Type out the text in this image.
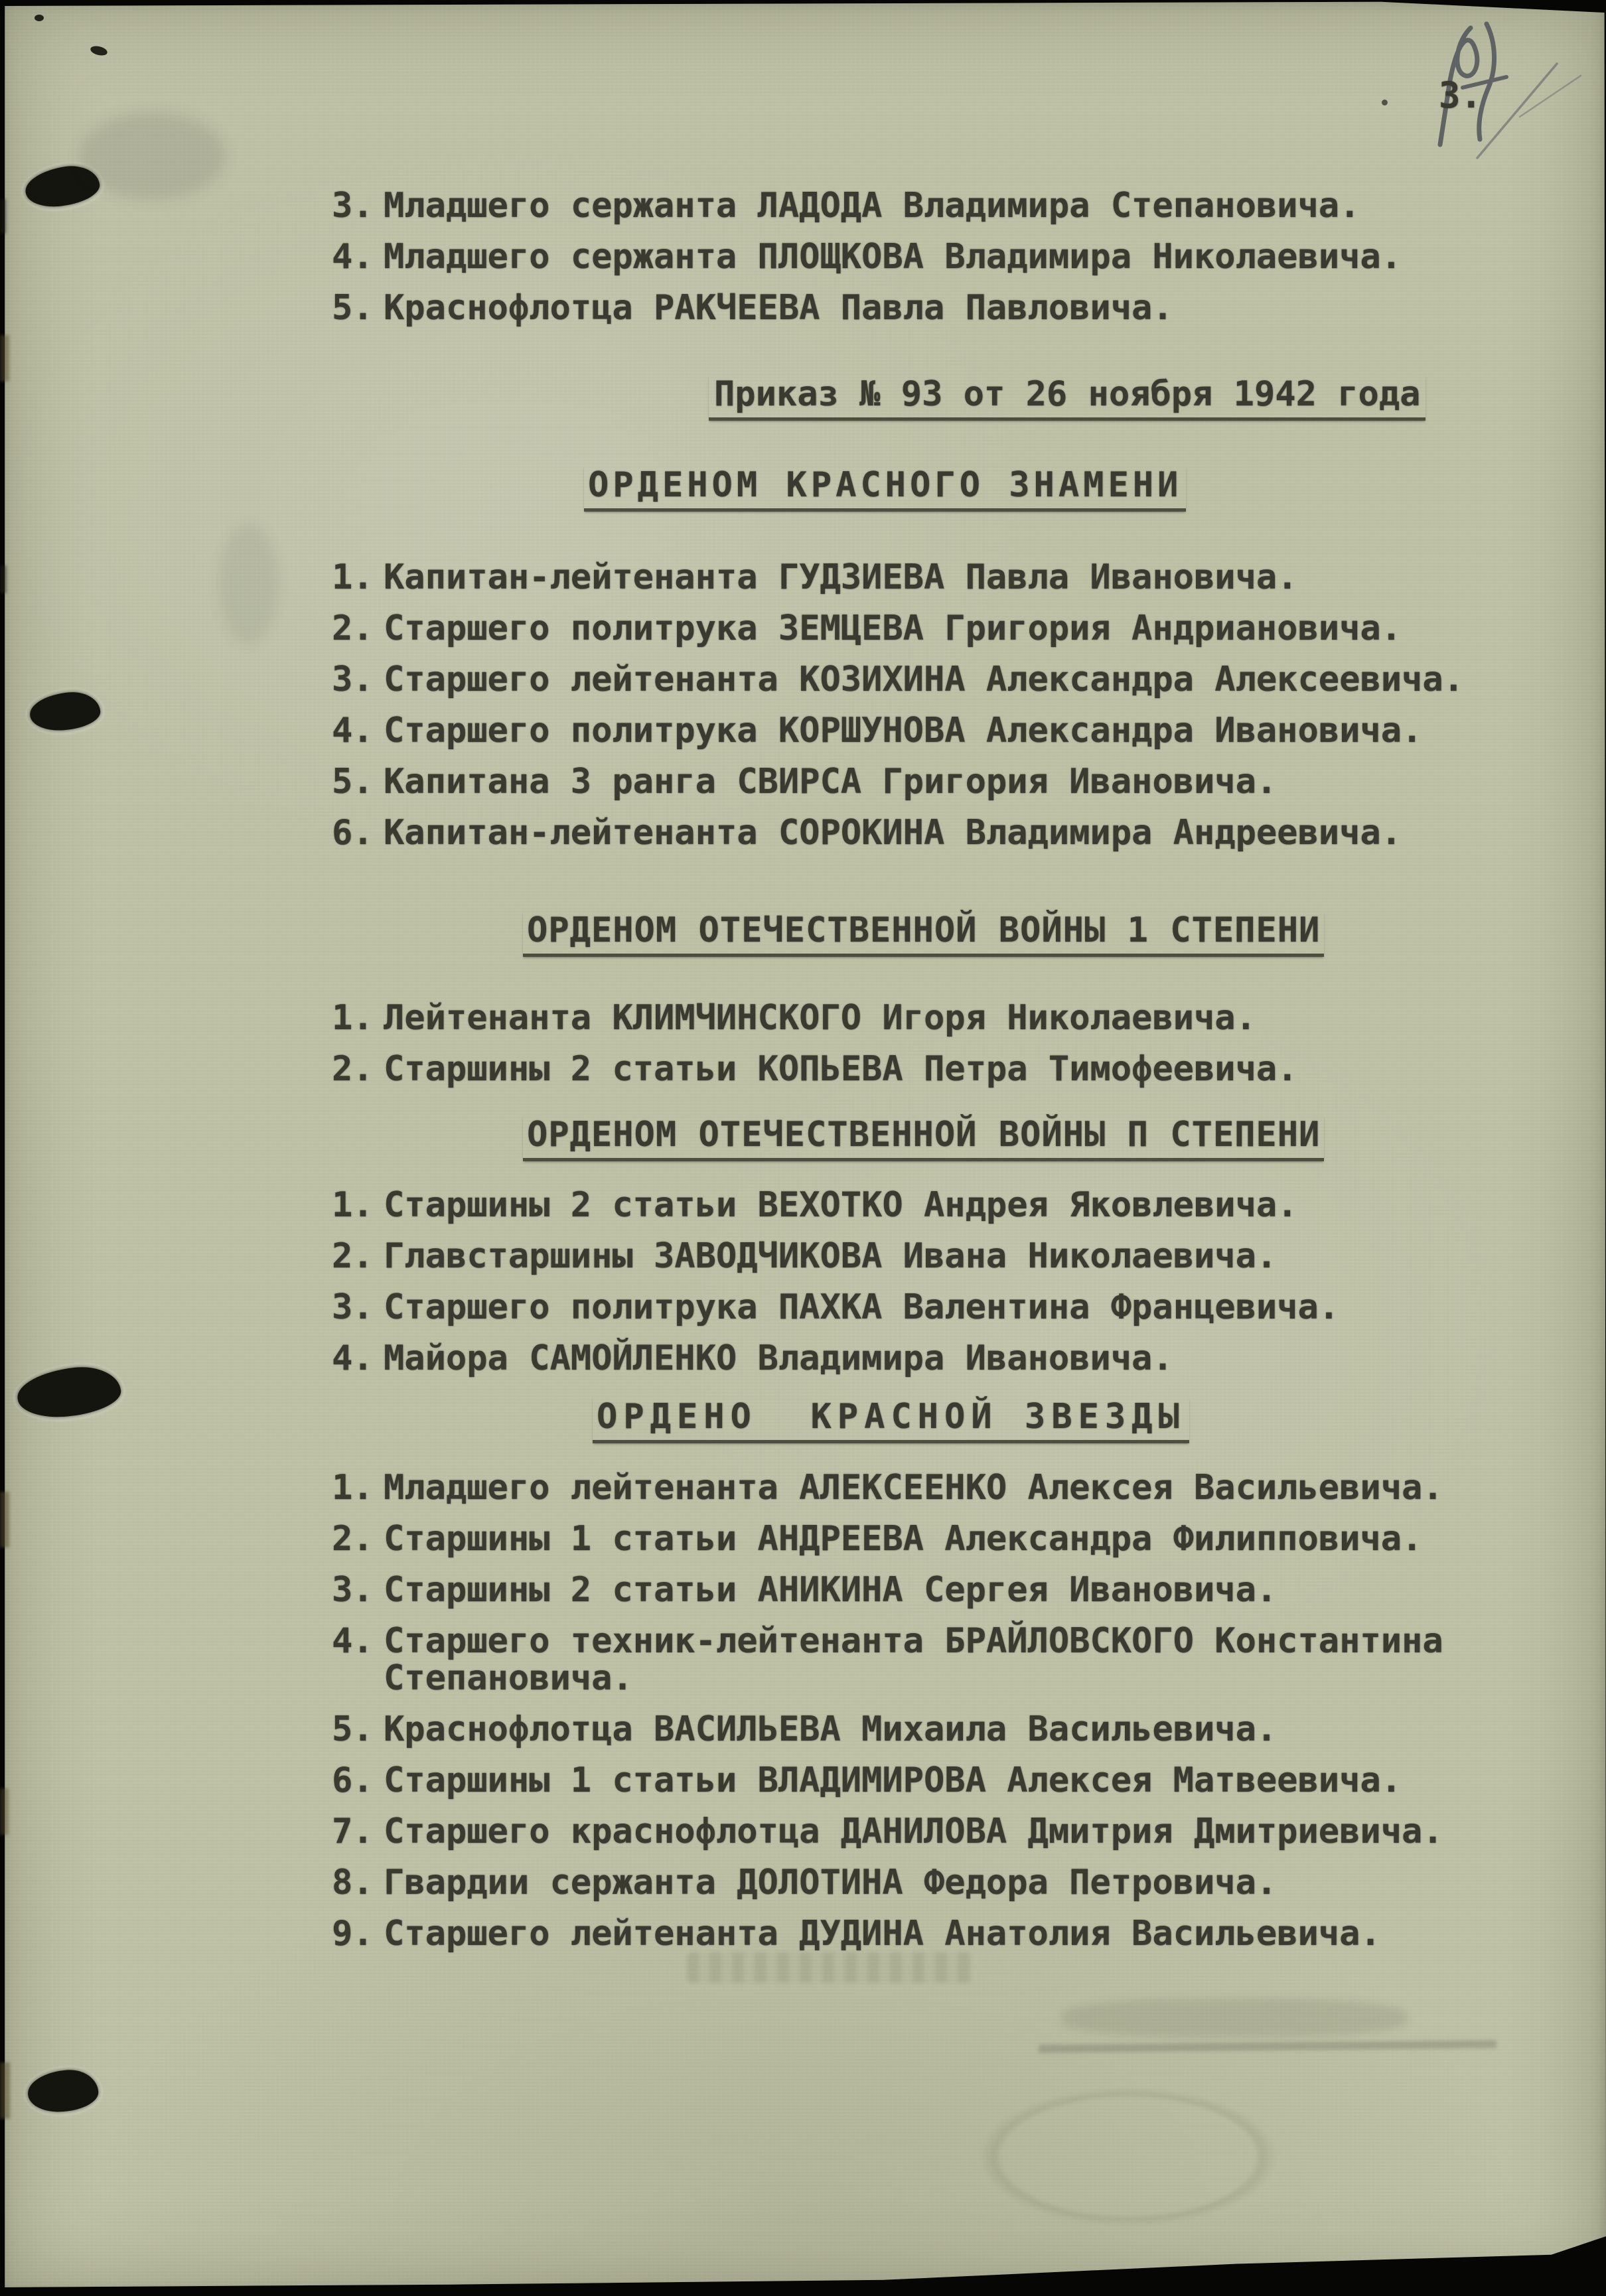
3.
3. Младшего сержанта ЛАДОДА Владимира Степановича.
4. Младшего сержанта ПЛОЩКОВА Владимира Николаевича.
5. Краснофлотца РАКЧЕЕВА Павла Павловича.
Приказ № 93 от 26 ноября 1942 года
ОРДЕНОМ КРАСНОГО ЗНАМЕНИ
1. Капитан-лейтенанта ГУДЗИЕВА Павла Ивановича.
2. Старшего политрука ЗЕМЦЕВА Григория Андриановича.
3. Старшего лейтенанта КОЗИХИНА Александра Алексеевича.
4. Старшего политрука КОРШУНОВА Александра Ивановича.
5. Капитана 3 ранга СВИРСА Григория Ивановича.
6. Капитан-лейтенанта СОРОКИНА Владимира Андреевича.
ОРДЕНОМ ОТЕЧЕСТВЕННОЙ ВОЙНЫ 1 СТЕПЕНИ
1. Лейтенанта КЛИМЧИНСКОГО Игоря Николаевича.
2. Старшины 2 статьи КОПЬЕВА Петра Тимофеевича.
ОРДЕНОМ ОТЕЧЕСТВЕННОЙ ВОЙНЫ П СТЕПЕНИ
1. Старшины 2 статьи ВЕХОТКО Андрея Яковлевича.
2. Главстаршины ЗАВОДЧИКОВА Ивана Николаевича.
3. Старшего политрука ПАХКА Валентина Францевича.
4. Майора САМОЙЛЕНКО Владимира Ивановича.
ОРДЕНО  КРАСНОЙ ЗВЕЗДЫ
1. Младшего лейтенанта АЛЕКСЕЕНКО Алексея Васильевича.
2. Старшины 1 статьи АНДРЕЕВА Александра Филипповича.
3. Старшины 2 статьи АНИКИНА Сергея Ивановича.
4. Старшего техник-лейтенанта БРАЙЛОВСКОГО Константина Степановича.
5. Краснофлотца ВАСИЛЬЕВА Михаила Васильевича.
6. Старшины 1 статьи ВЛАДИМИРОВА Алексея Матвеевича.
7. Старшего краснофлотца ДАНИЛОВА Дмитрия Дмитриевича.
8. Гвардии сержанта ДОЛОТИНА Федора Петровича.
9. Старшего лейтенанта ДУДИНА Анатолия Васильевича.
